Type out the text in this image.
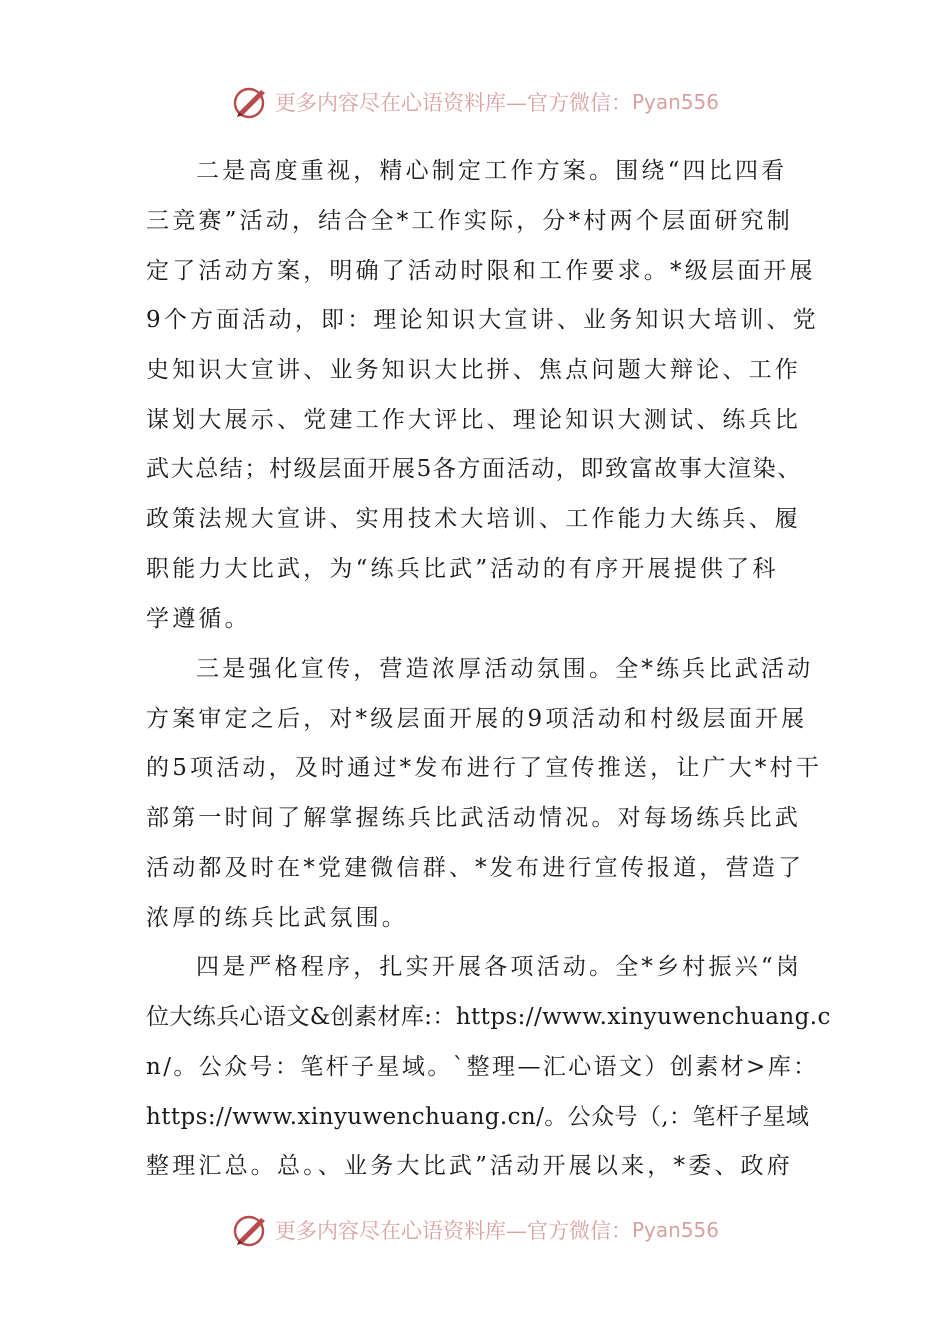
更多内容尽在心语资料库—官方微信： Pyan556
二是高度重视，精心制定工作方案。围绕“四比四看
三竞赛”活动，结合全*工作实际，分*村两个层面研究制
定了活动方案，明确了活动时限和工作要求。*级层面开展
9个方面活动，即：理论知识大宣讲、业务知识大培训、党
史知识大宣讲、业务知识大比拼、焦点问题大辩论、工作
谋划大展示、党建工作大评比、理论知识大测试、练兵比
武大总结；村级层面开展5各方面活动，即致富故事大渲染、
政策法规大宣讲、实用技术大培训、工作能力大练兵、履
职能力大比武，为“练兵比武”活动的有序开展提供了科
学遵循。
三是强化宣传，营造浓厚活动氛围。全*练兵比武活动
方案审定之后，对*级层面开展的9项活动和村级层面开展
的5项活动，及时通过*发布进行了宣传推送，让广大*村干
部第一时间了解掌握练兵比武活动情况。对每场练兵比武
活动都及时在*党建微信群、*发布进行宣传报道，营造了
浓厚的练兵比武氛围。
四是严格程序，扎实开展各项活动。全*乡村振兴“岗
位大练兵心语文&创素材库:：https://www.xinyuwenchuang.c
n/。公众号：笔杆子星域。`整理—汇心语文）创素材>库：
https://www.xinyuwenchuang.cn/。公众号（,：笔杆子星域
整理汇总。总。、业务大比武”活动开展以来，*委、政府
更多内容尽在心语资料库—官方微信： Pyan556
